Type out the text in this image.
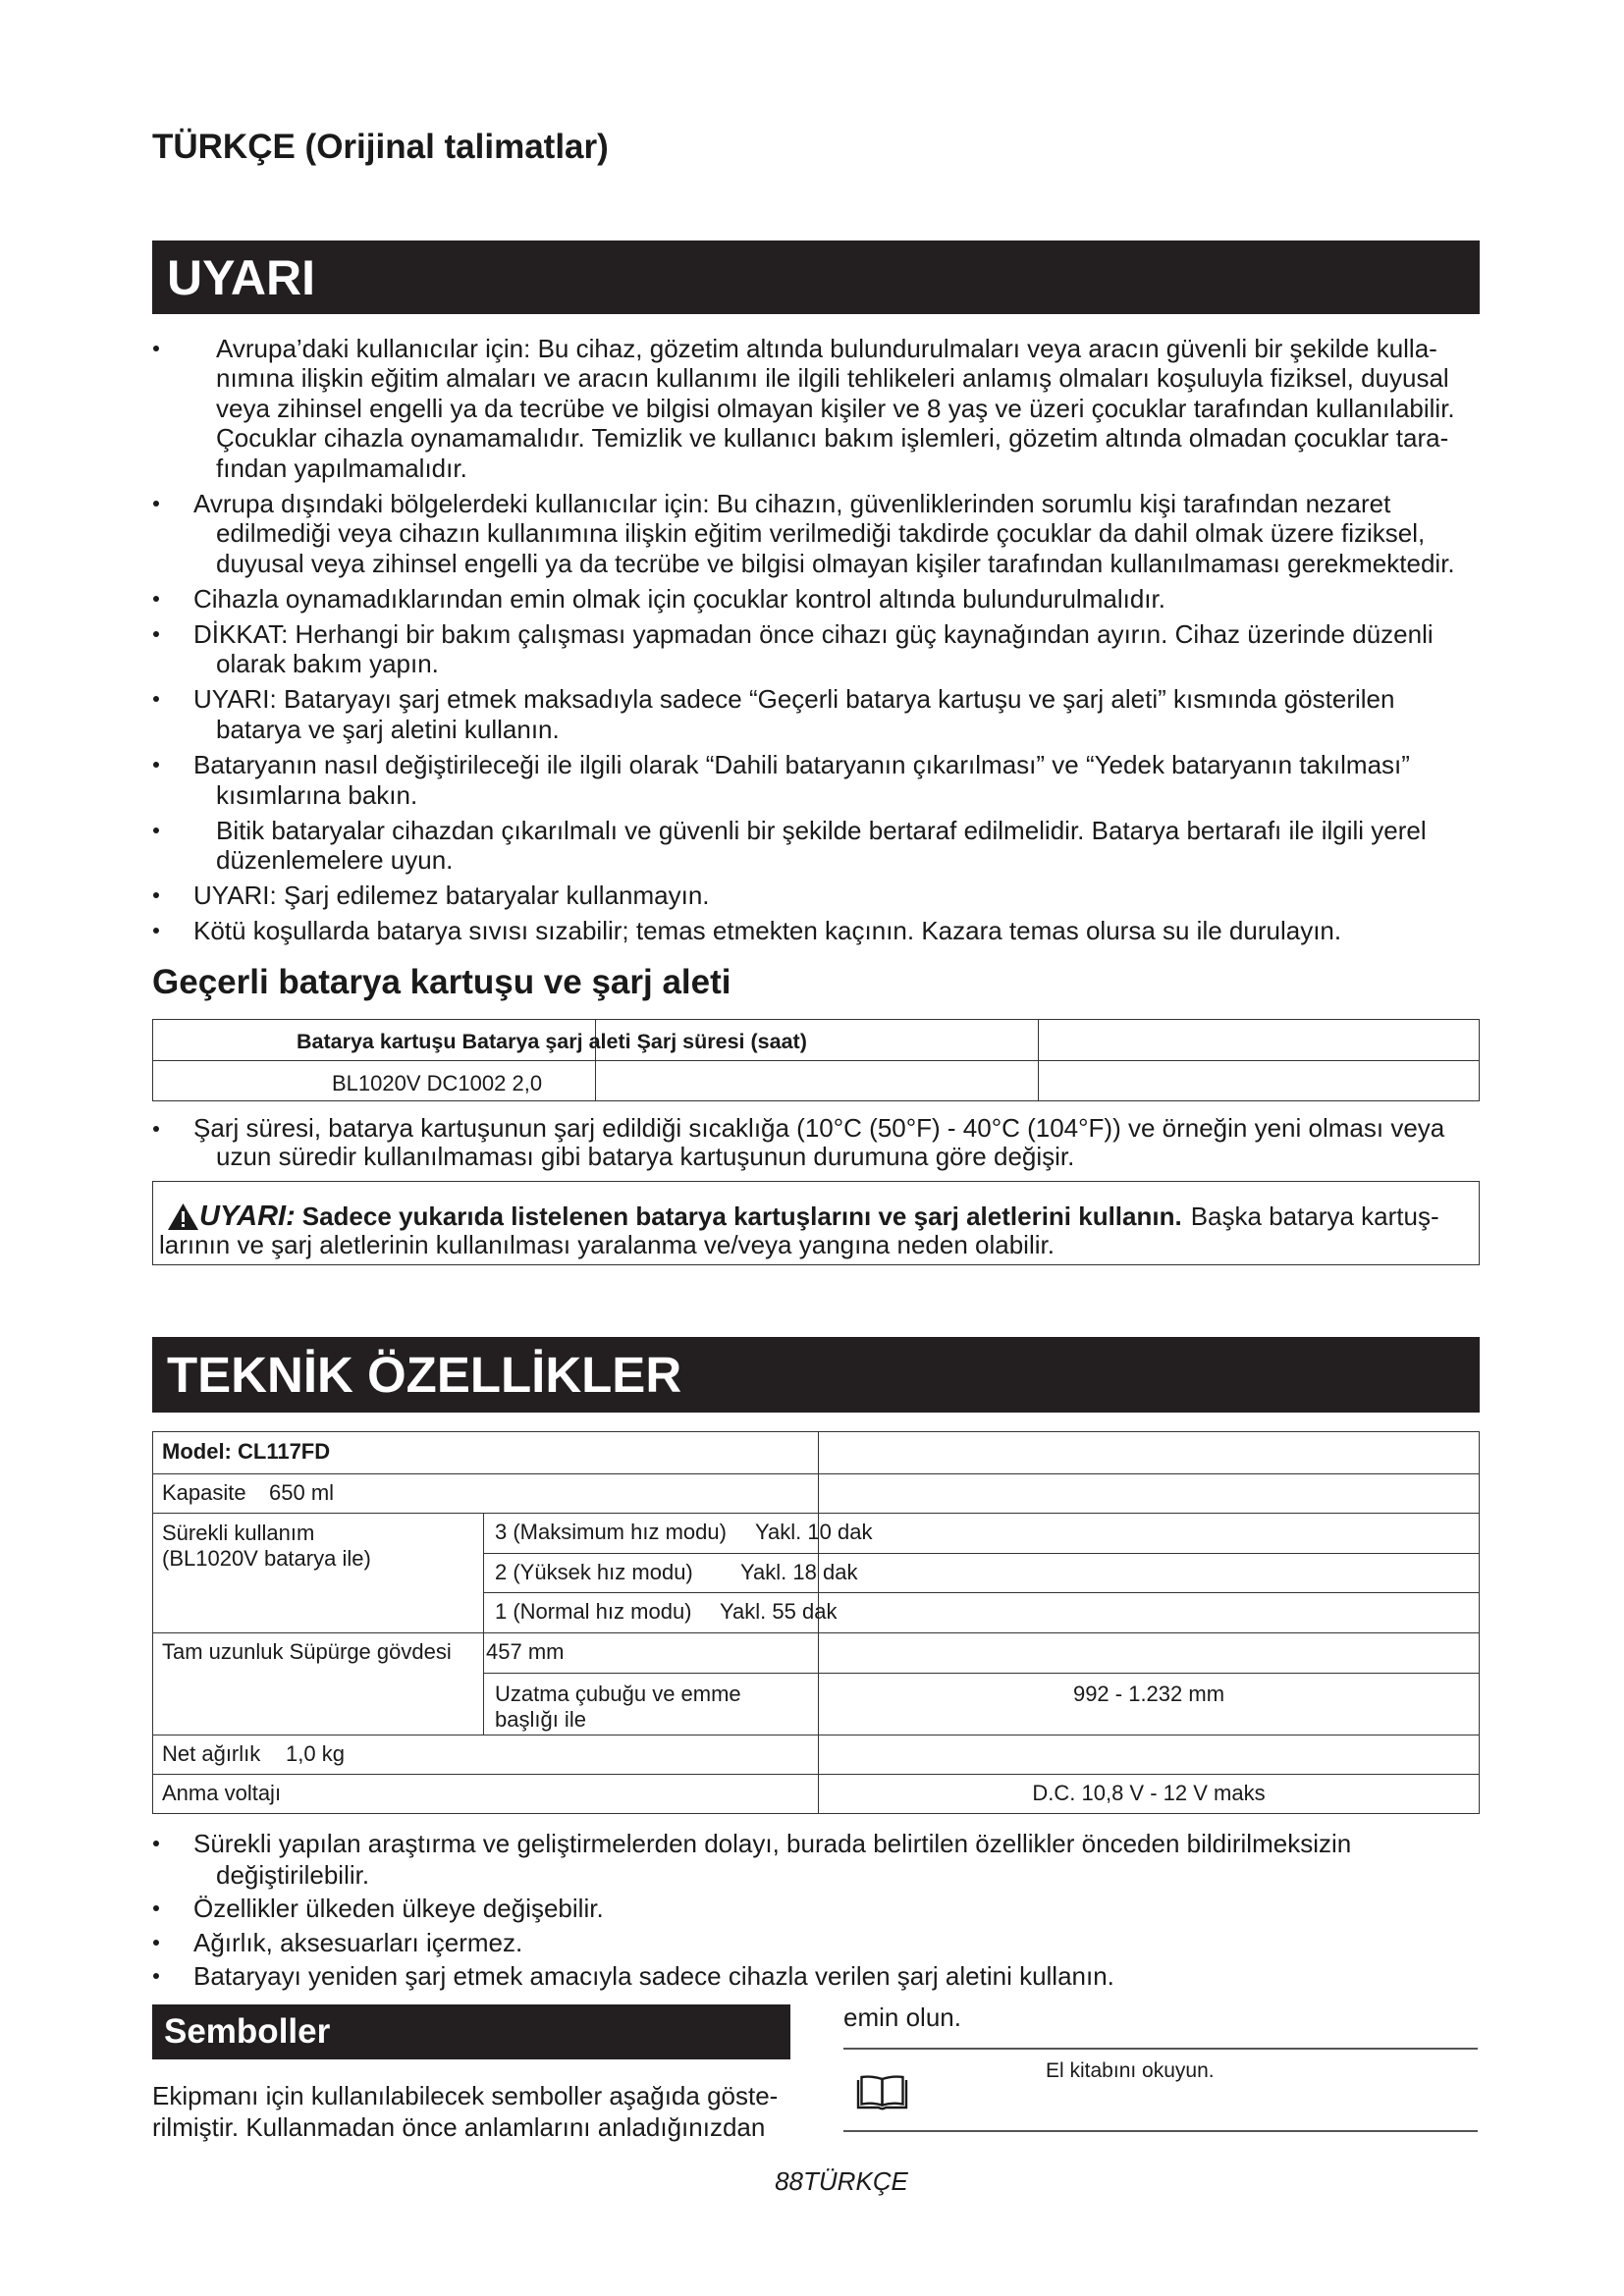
TÜRKÇE (Orijinal talimatlar)
UYARI
Avrupa’daki kullanıcılar için: Bu cihaz, gözetim altında bulundurulmaları veya aracın güvenli bir şekilde kulla-
nımına ilişkin eğitim almaları ve aracın kullanımı ile ilgili tehlikeleri anlamış olmaları koşuluyla fiziksel, duyusal
veya zihinsel engelli ya da tecrübe ve bilgisi olmayan kişiler ve 8 yaş ve üzeri çocuklar tarafından kullanılabilir.
Çocuklar cihazla oynamamalıdır. Temizlik ve kullanıcı bakım işlemleri, gözetim altında olmadan çocuklar tara-
fından yapılmamalıdır.
Avrupa dışındaki bölgelerdeki kullanıcılar için: Bu cihazın, güvenliklerinden sorumlu kişi tarafından nezaret
edilmediği veya cihazın kullanımına ilişkin eğitim verilmediği takdirde çocuklar da dahil olmak üzere fiziksel,
duyusal veya zihinsel engelli ya da tecrübe ve bilgisi olmayan kişiler tarafından kullanılmaması gerekmektedir.
Cihazla oynamadıklarından emin olmak için çocuklar kontrol altında bulundurulmalıdır.
DİKKAT: Herhangi bir bakım çalışması yapmadan önce cihazı güç kaynağından ayırın. Cihaz üzerinde düzenli
olarak bakım yapın.
UYARI: Bataryayı şarj etmek maksadıyla sadece “Geçerli batarya kartuşu ve şarj aleti” kısmında gösterilen
batarya ve şarj aletini kullanın.
Bataryanın nasıl değiştirileceği ile ilgili olarak “Dahili bataryanın çıkarılması” ve “Yedek bataryanın takılması”
kısımlarına bakın.
Bitik bataryalar cihazdan çıkarılmalı ve güvenli bir şekilde bertaraf edilmelidir. Batarya bertarafı ile ilgili yerel
düzenlemelere uyun.
UYARI: Şarj edilemez bataryalar kullanmayın.
Kötü koşullarda batarya sıvısı sızabilir; temas etmekten kaçının. Kazara temas olursa su ile durulayın.
Geçerli batarya kartuşu ve şarj aleti
Batarya kartuşu Batarya şarj aleti Şarj süresi (saat)
BL1020V DC1002 2,0
Şarj süresi, batarya kartuşunun şarj edildiği sıcaklığa (10°C (50°F) - 40°C (104°F)) ve örneğin yeni olması veya
uzun süredir kullanılmaması gibi batarya kartuşunun durumuna göre değişir.
UYARI: Sadece yukarıda listelenen batarya kartuşlarını ve şarj aletlerini kullanın. Başka batarya kartuş-
larının ve şarj aletlerinin kullanılması yaralanma ve/veya yangına neden olabilir.
TEKNİK ÖZELLİKLER
Model: CL117FD
Kapasite 650 ml
Sürekli kullanım
(BL1020V batarya ile)
3 (Maksimum hız modu) Yakl. 10 dak
2 (Yüksek hız modu) Yakl. 18 dak
1 (Normal hız modu) Yakl. 55 dak
Tam uzunluk Süpürge gövdesi 457 mm
Uzatma çubuğu ve emme
başlığı ile
992 - 1.232 mm
Net ağırlık 1,0 kg
Anma voltajı	D.C. 10,8 V - 12 V maks
Sürekli yapılan araştırma ve geliştirmelerden dolayı, burada belirtilen özellikler önceden bildirilmeksizin
değiştirilebilir.
Özellikler ülkeden ülkeye değişebilir.
Ağırlık, aksesuarları içermez.
Bataryayı yeniden şarj etmek amacıyla sadece cihazla verilen şarj aletini kullanın.
Semboller
Ekipmanı için kullanılabilecek semboller aşağıda göste-
rilmiştir. Kullanmadan önce anlamlarını anladığınızdan
emin olun.
El kitabını okuyun.
88TÜRKÇE
